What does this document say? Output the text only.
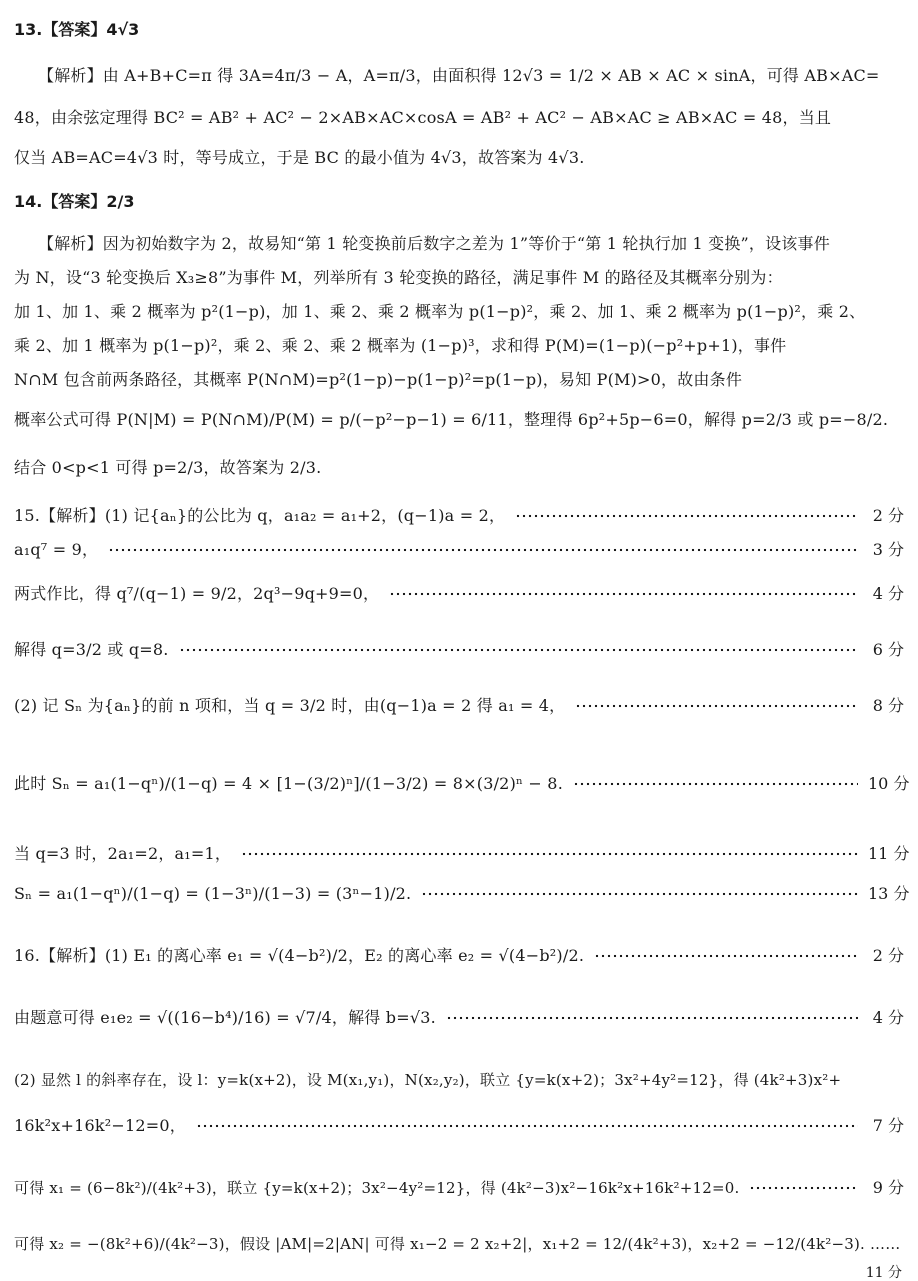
13.【答案】4√3
【解析】由 A+B+C=π 得 3A=4π/3 − A，A=π/3，由面积得 12√3 = 1/2 × AB × AC × sinA，可得 AB×AC=
48，由余弦定理得 BC² = AB² + AC² − 2×AB×AC×cosA = AB² + AC² − AB×AC ≥ AB×AC = 48，当且
仅当 AB=AC=4√3 时，等号成立，于是 BC 的最小值为 4√3，故答案为 4√3.
14.【答案】2/3
【解析】因为初始数字为 2，故易知“第 1 轮变换前后数字之差为 1”等价于“第 1 轮执行加 1 变换”，设该事件
为 N，设“3 轮变换后 X₃≥8”为事件 M，列举所有 3 轮变换的路径，满足事件 M 的路径及其概率分别为：
加 1、加 1、乘 2 概率为 p²(1−p)，加 1、乘 2、乘 2 概率为 p(1−p)²，乘 2、加 1、乘 2 概率为 p(1−p)²，乘 2、
乘 2、加 1 概率为 p(1−p)²，乘 2、乘 2、乘 2 概率为 (1−p)³，求和得 P(M)=(1−p)(−p²+p+1)，事件
N∩M 包含前两条路径，其概率 P(N∩M)=p²(1−p)−p(1−p)²=p(1−p)，易知 P(M)>0，故由条件
概率公式可得 P(N|M) = P(N∩M)/P(M) = p/(−p²−p−1) = 6/11，整理得 6p²+5p−6=0，解得 p=2/3 或 p=−8/2.
结合 0<p<1 可得 p=2/3，故答案为 2/3.
15.【解析】(1) 记{aₙ}的公比为 q，a₁a₂ = a₁+2，(q−1)a = 2，	2 分
a₁q⁷ = 9，	3 分
两式作比，得 q⁷/(q−1) = 9/2，2q³−9q+9=0，	4 分
解得 q=3/2 或 q=8.	6 分
(2) 记 Sₙ 为{aₙ}的前 n 项和，当 q = 3/2 时，由(q−1)a = 2 得 a₁ = 4，	8 分
此时 Sₙ = a₁(1−qⁿ)/(1−q) = 4 × [1−(3/2)ⁿ]/(1−3/2) = 8×(3/2)ⁿ − 8.	10 分
当 q=3 时，2a₁=2，a₁=1，	11 分
Sₙ = a₁(1−qⁿ)/(1−q) = (1−3ⁿ)/(1−3) = (3ⁿ−1)/2.	13 分
16.【解析】(1) E₁ 的离心率 e₁ = √(4−b²)/2，E₂ 的离心率 e₂ = √(4−b²)/2.	2 分
由题意可得 e₁e₂ = √((16−b⁴)/16) = √7/4，解得 b=√3.	4 分
(2) 显然 l 的斜率存在，设 l：y=k(x+2)，设 M(x₁,y₁)，N(x₂,y₂)，联立 {y=k(x+2)；3x²+4y²=12}，得 (4k²+3)x²+
16k²x+16k²−12=0，	7 分
可得 x₁ = (6−8k²)/(4k²+3)，联立 {y=k(x+2)；3x²−4y²=12}，得 (4k²−3)x²−16k²x+16k²+12=0.	9 分
可得 x₂ = −(8k²+6)/(4k²−3)，假设 |AM|=2|AN| 可得 x₁−2 = 2 x₂+2|，x₁+2 = 12/(4k²+3)，x₂+2 = −12/(4k²−3). ……
11 分
